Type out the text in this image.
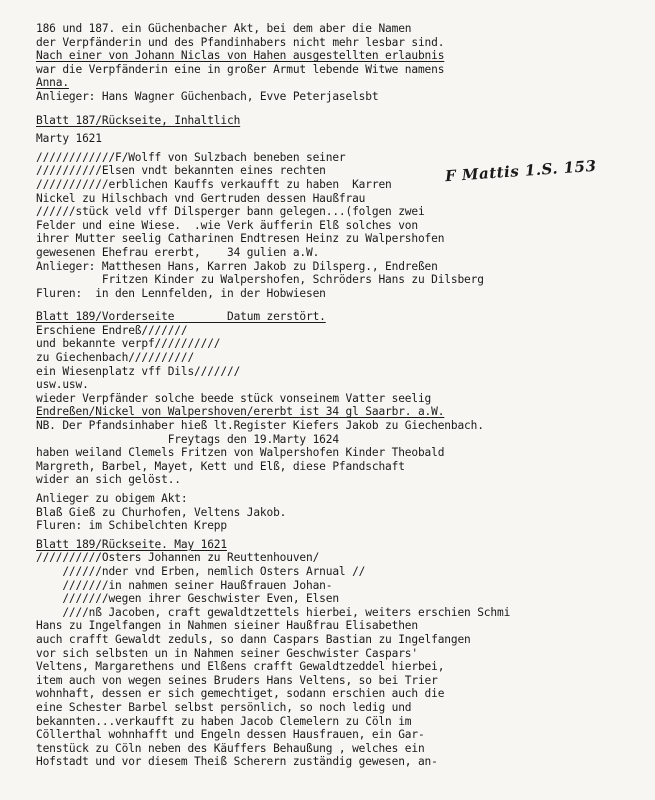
F Mattis 1.S. 153
186 und 187. ein Güchenbacher Akt, bei dem aber die Namen
der Verpfänderin und des Pfandinhabers nicht mehr lesbar sind.
Nach einer von Johann Niclas von Hahen ausgestellten erlaubnis
war die Verpfänderin eine in großer Armut lebende Witwe namens
Anna.
Anlieger: Hans Wagner Güchenbach, Evve Peterjaselsbt
Blatt 187/Rückseite, Inhaltlich
Marty 1621
////////////F/Wolff von Sulzbach beneben seiner
//////////Elsen vndt bekannten eines rechten
///////////erblichen Kauffs verkaufft zu haben  Karren
Nickel zu Hilschbach vnd Gertruden dessen Haußfrau
//////stück veld vff Dilsperger bann gelegen...(folgen zwei
Felder und eine Wiese.  .wie Verk äufferin Elß solches von
ihrer Mutter seelig Catharinen Endtresen Heinz zu Walpershofen
gewesenen Ehefrau ererbt,    34 gulien a.W.
Anlieger: Matthesen Hans, Karren Jakob zu Dilsperg., Endreßen
Fritzen Kinder zu Walpershofen, Schröders Hans zu Dilsberg
Fluren:  in den Lennfelden, in der Hobwiesen
Blatt 189/Vorderseite        Datum zerstört.
Erschiene Endreß///////
und bekannte verpf//////////
zu Giechenbach//////////
ein Wiesenplatz vff Dils///////
usw.usw.
wieder Verpfänder solche beede stück vonseinem Vatter seelig
Endreßen/Nickel von Walpershoven/ererbt ist 34 gl Saarbr. a.W.
NB. Der Pfandsinhaber hieß lt.Register Kiefers Jakob zu Giechenbach.
Freytags den 19.Marty 1624
haben weiland Clemels Fritzen von Walpershofen Kinder Theobald
Margreth, Barbel, Mayet, Kett und Elß, diese Pfandschaft
wider an sich gelöst..
Anlieger zu obigem Akt:
Blaß Gieß zu Churhofen, Veltens Jakob.
Fluren: im Schibelchten Krepp
Blatt 189/Rückseite. May 1621
//////////Osters Johannen zu Reuttenhouven/
//////nder vnd Erben, nemlich Osters Arnual //
///////in nahmen seiner Haußfrauen Johan-
///////wegen ihrer Geschwister Even, Elsen
////nß Jacoben, craft gewaldtzettels hierbei, weiters erschien Schmi
Hans zu Ingelfangen in Nahmen sieiner Haußfrau Elisabethen
auch crafft Gewaldt zeduls, so dann Caspars Bastian zu Ingelfangen
vor sich selbsten un in Nahmen seiner Geschwister Caspars'
Veltens, Margarethens und Elßens crafft Gewaldtzeddel hierbei,
item auch von wegen seines Bruders Hans Veltens, so bei Trier
wohnhaft, dessen er sich gemechtiget, sodann erschien auch die
eine Schester Barbel selbst persönlich, so noch ledig und
bekannten...verkaufft zu haben Jacob Clemelern zu Cöln im
Cöllerthal wohnhafft und Engeln dessen Hausfrauen, ein Gar-
tenstück zu Cöln neben des Käuffers Behaußung , welches ein
Hofstadt und vor diesem Theiß Scherern zuständig gewesen, an-
